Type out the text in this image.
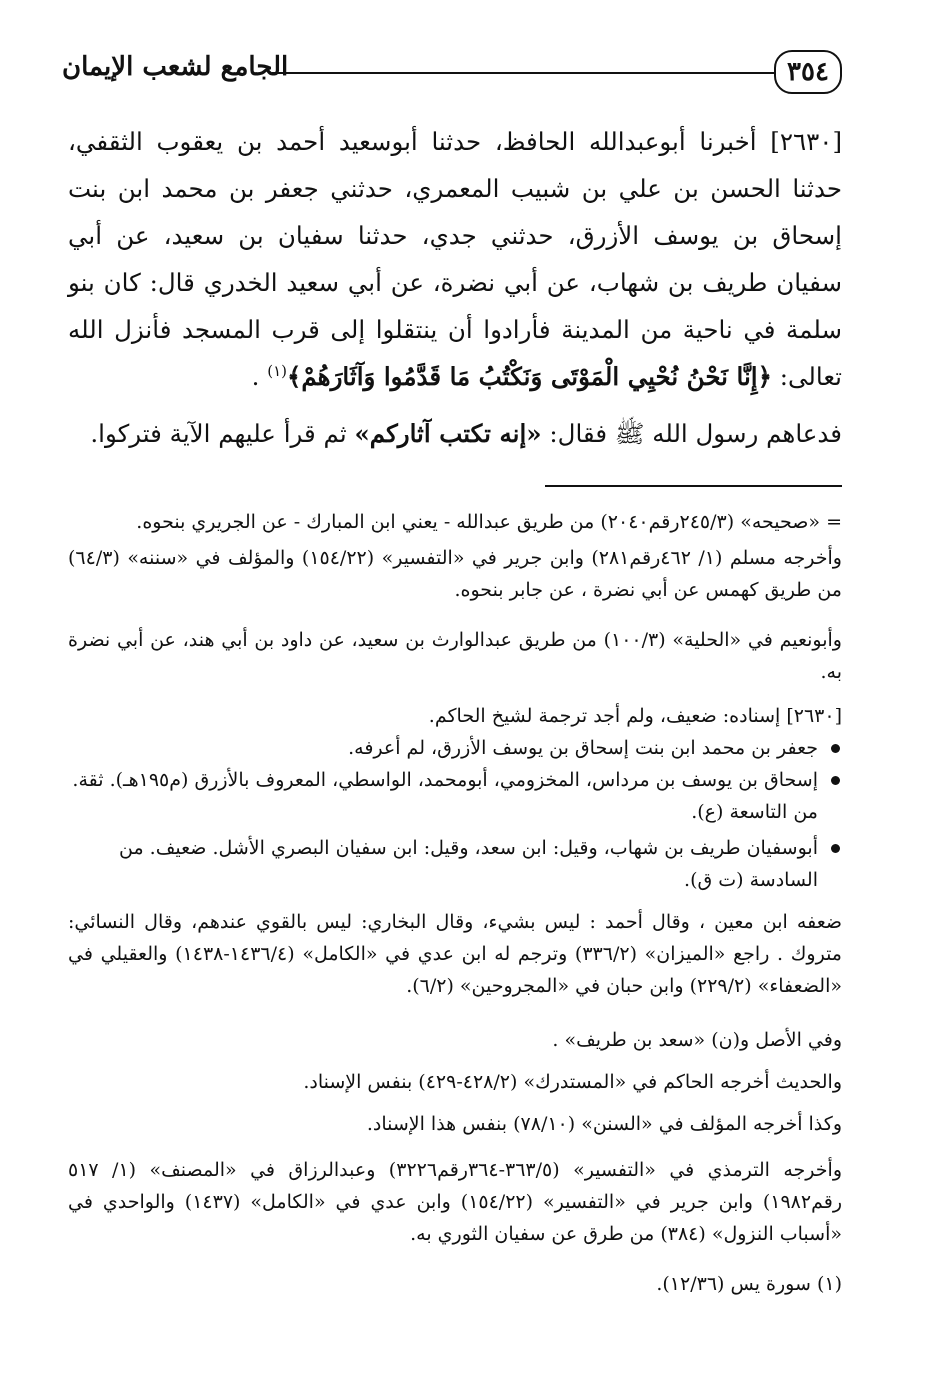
٣٥٤
الجامع لشعب الإيمان

[٢٦٣٠] أخبرنا أبوعبدالله الحافظ، حدثنا أبوسعيد أحمد بن يعقوب الثقفي، حدثنا الحسن بن علي بن شبيب المعمري، حدثني جعفر بن محمد ابن بنت إسحاق بن يوسف الأزرق، حدثني جدي، حدثنا سفيان بن سعيد، عن أبي سفيان طريف بن شهاب، عن أبي نضرة، عن أبي سعيد الخدري قال: كان بنو سلمة في ناحية من المدينة فأرادوا أن ينتقلوا إلى قرب المسجد فأنزل الله تعالى: ﴿إِنَّا نَحْنُ نُحْيِي الْمَوْتَى وَنَكْتُبُ مَا قَدَّمُوا وَآثَارَهُمْ﴾$^{(١)}$ .

فدعاهم رسول الله ﷺ فقال: «إنه تكتب آثاركم» ثم قرأ عليهم الآية فتركوا.

= «صحيحه» (٢٤٥/٣رقم٢٠٤٠) من طريق عبدالله - يعني ابن المبارك - عن الجريري بنحوه.

وأخرجه مسلم (١/ ٤٦٢رقم٢٨١) وابن جرير في «التفسير» (١٥٤/٢٢) والمؤلف في «سننه» (٦٤/٣) من طريق كهمس عن أبي نضرة ، عن جابر بنحوه.

وأبونعيم في «الحلية» (١٠٠/٣) من طريق عبدالوارث بن سعيد، عن داود بن أبي هند، عن أبي نضرة به.

[٢٦٣٠] إسناده: ضعيف، ولم أجد ترجمة لشيخ الحاكم.

جعفر بن محمد ابن بنت إسحاق بن يوسف الأزرق، لم أعرفه.
إسحاق بن يوسف بن مرداس، المخزومي، أبومحمد، الواسطي، المعروف بالأزرق (م١٩٥هـ). ثقة. من التاسعة (ع).
أبوسفيان طريف بن شهاب، وقيل: ابن سعد، وقيل: ابن سفيان البصري الأشل. ضعيف. من السادسة (ت ق).

ضعفه ابن معين ، وقال أحمد : ليس بشيء، وقال البخاري: ليس بالقوي عندهم، وقال النسائي: متروك . راجع «الميزان» (٣٣٦/٢) وترجم له ابن عدي في «الكامل» (١٤٣٦/٤-١٤٣٨) والعقيلي في «الضعفاء» (٢٢٩/٢) وابن حبان في «المجروحين» (٦/٢).

وفي الأصل و(ن) «سعد بن طريف» .

والحديث أخرجه الحاكم في «المستدرك» (٤٢٨/٢-٤٢٩) بنفس الإسناد.

وكذا أخرجه المؤلف في «السنن» (٧٨/١٠) بنفس هذا الإسناد.

وأخرجه الترمذي في «التفسير» (٣٦٣/٥-٣٦٤رقم٣٢٢٦) وعبدالرزاق في «المصنف» (١/ ٥١٧ رقم١٩٨٢) وابن جرير في «التفسير» (١٥٤/٢٢) وابن عدي في «الكامل» (١٤٣٧) والواحدي في «أسباب النزول» (٣٨٤) من طرق عن سفيان الثوري به.

(١) سورة يس (١٢/٣٦).
